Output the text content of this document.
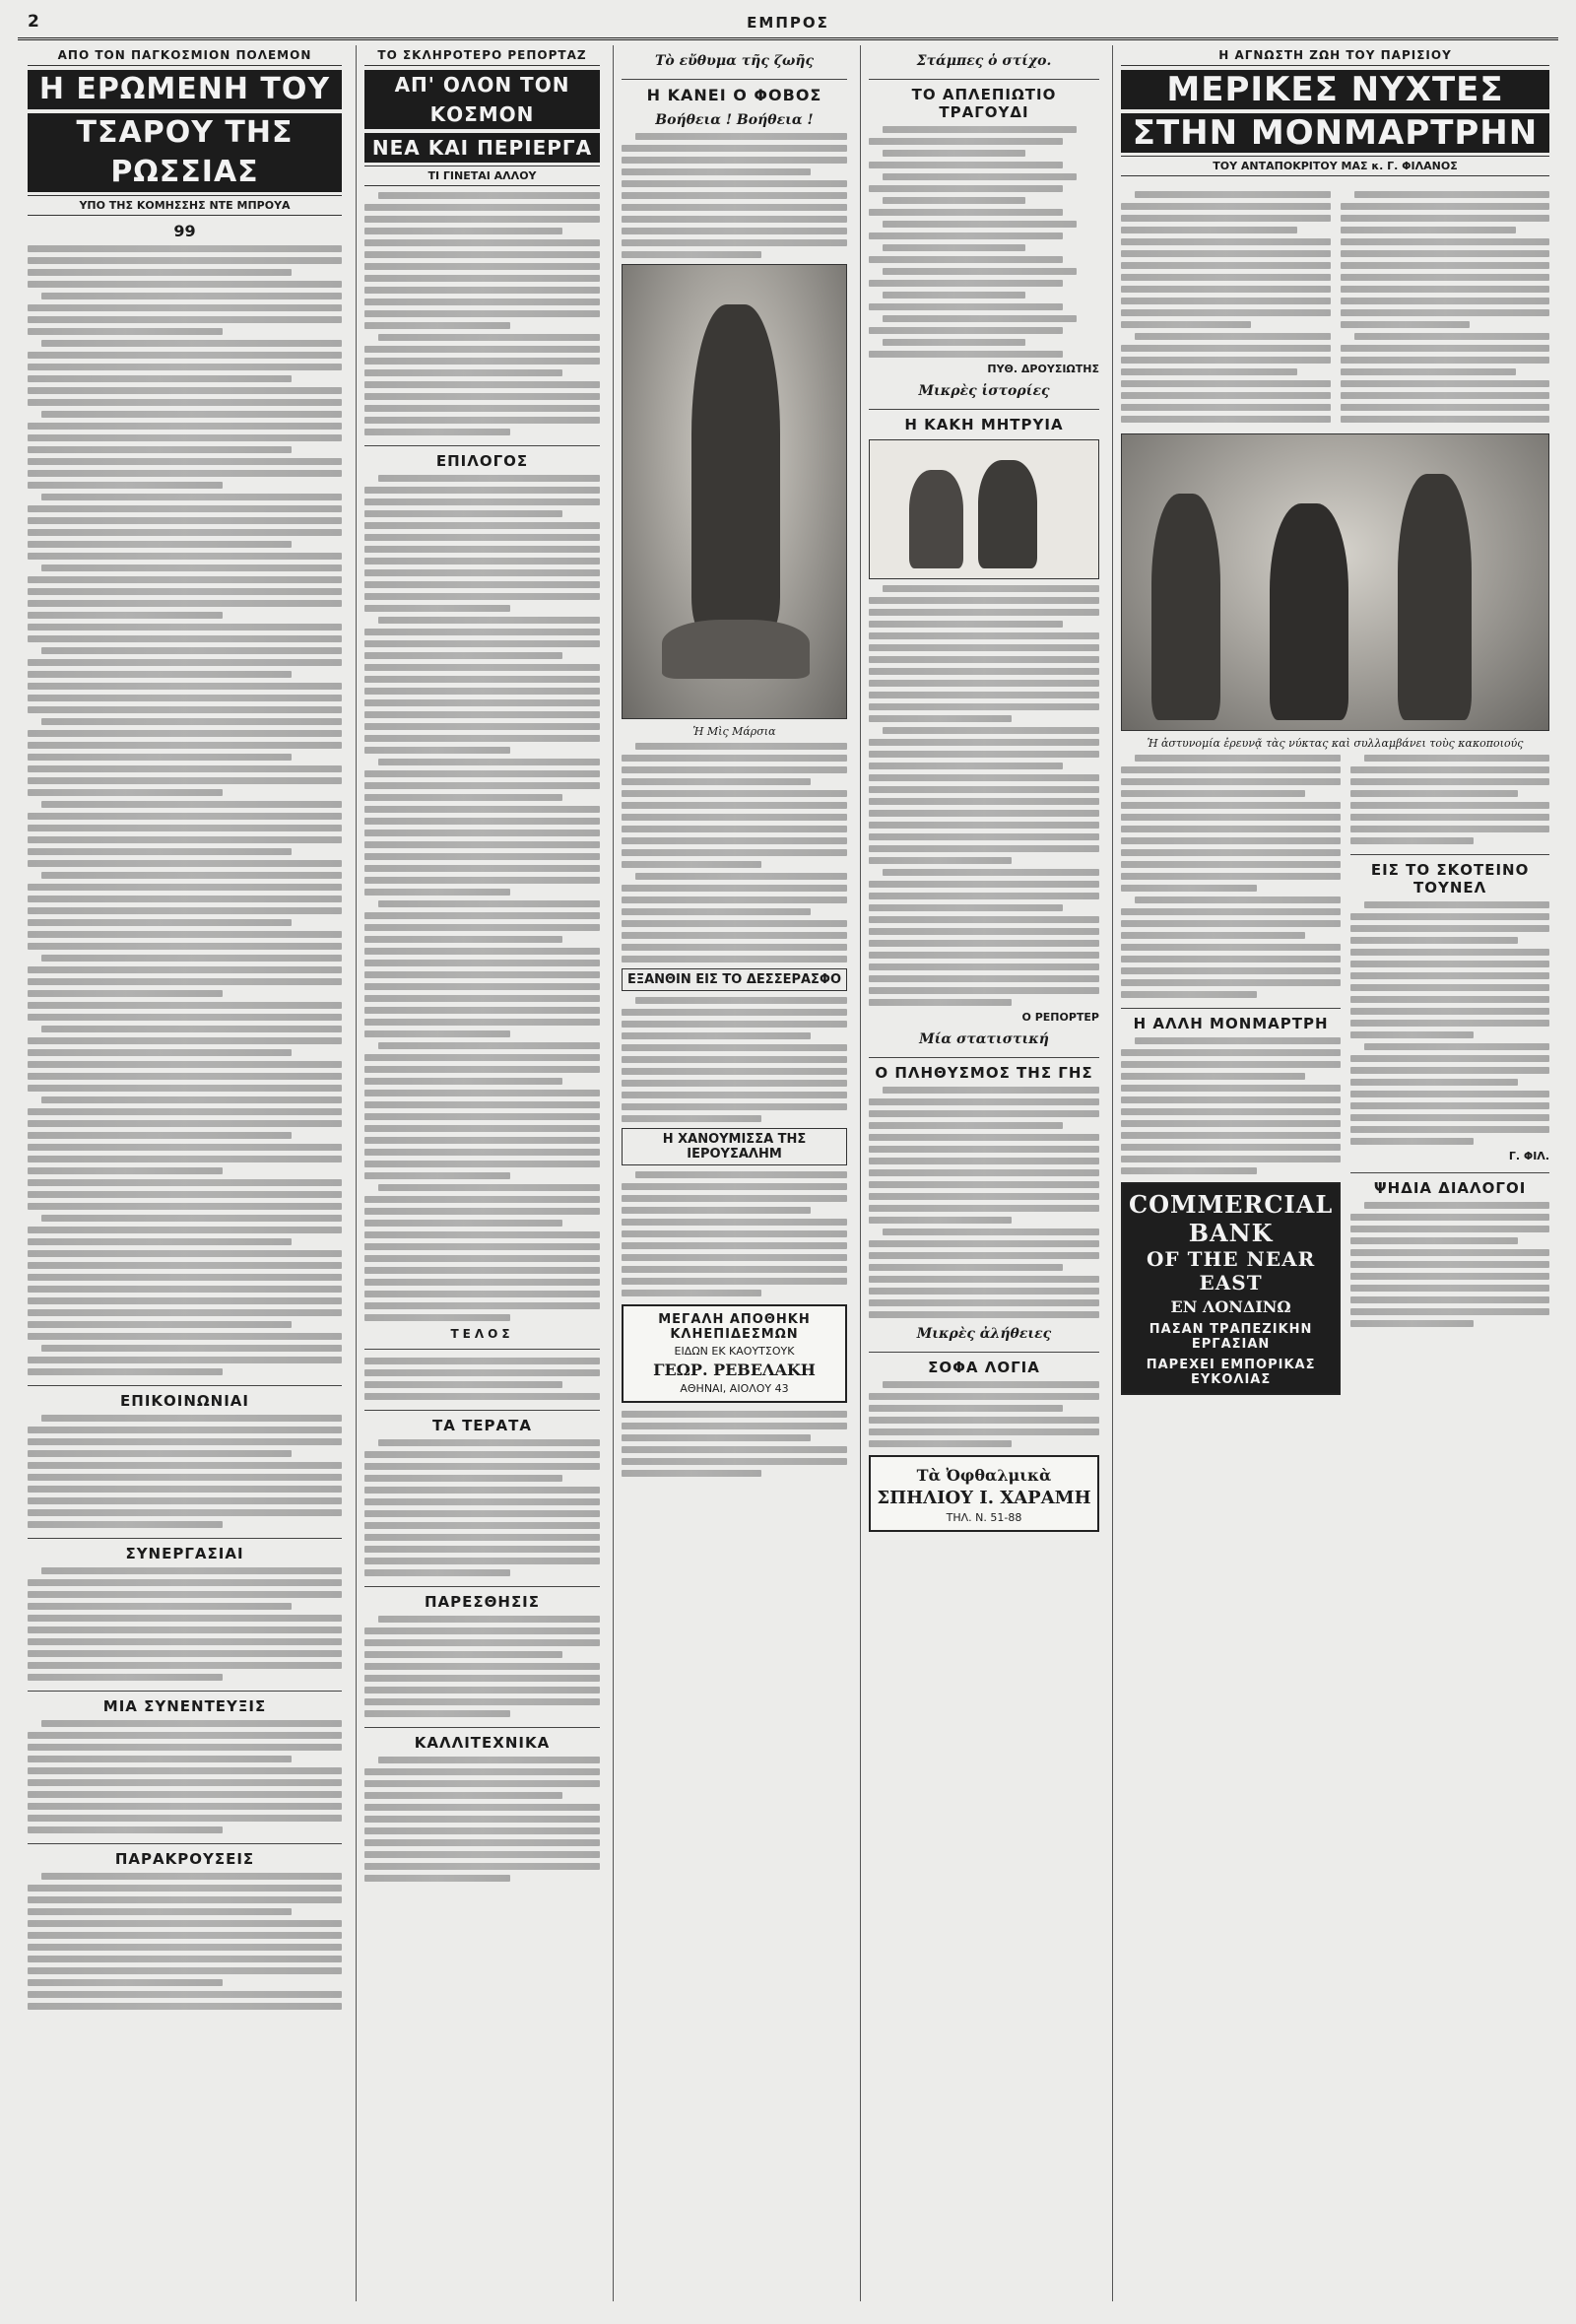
2	ΕΜΠΡΟΣ
ΑΠΟ ΤΟΝ ΠΑΓΚΟΣΜΙΟΝ ΠΟΛΕΜΟΝ
Η ΕΡΩΜΕΝΗ ΤΟΥ
ΤΣΑΡΟΥ ΤΗΣ ΡΩΣΣΙΑΣ
ΥΠΟ ΤΗΣ ΚΟΜΗΣΣΗΣ ΝΤΕ ΜΠΡΟΥΑ
99
ΕΠΙΚΟΙΝΩΝΙΑΙ
ΣΥΝΕΡΓΑΣΙΑΙ
ΜΙΑ ΣΥΝΕΝΤΕΥΞΙΣ
ΠΑΡΑΚΡΟΥΣΕΙΣ
ΤΟ ΣΚΛΗΡΟΤΕΡΟ ΡΕΠΟΡΤΑΖ
ΑΠ' ΟΛΟΝ ΤΟΝ ΚΟΣΜΟΝ
ΝΕΑ ΚΑΙ ΠΕΡΙΕΡΓΑ
ΤΙ ΓΙΝΕΤΑΙ ΑΛΛΟΥ
ΕΠΙΛΟΓΟΣ
ΤΕΛΟΣ
ΤΑ ΤΕΡΑΤΑ
ΠΑΡΕΣΘΗΣΙΣ
ΚΑΛΛΙΤΕΧΝΙΚΑ
Τὸ εὔθυμα τῆς ζωῆς
Η ΚΑΝΕΙ Ο ΦΟΒΟΣ
Βοήθεια ! Βοήθεια !
Ἡ Μὶς Μάρσια
ΕΞΑΝΘΙΝ ΕΙΣ ΤΟ ΔΕΣΣΕΡΑΣΦΟ
Η ΧΑΝΟΥΜΙΣΣΑ ΤΗΣ ΙΕΡΟΥΣΑΛΗΜ
ΜΕΓΑΛΗ ΑΠΟΘΗΚΗ ΚΛΗΕΠΙΔΕΣΜΩΝ
ΕΙΔΩΝ ΕΚ ΚΑΟΥΤΣΟΥΚ
ΓΕΩΡ. ΡΕΒΕΛΑΚΗ
ΑΘΗΝΑΙ, ΑΙΟΛΟΥ 43
Στάμπες ὁ στίχο.
ΤΟ ΑΠΛΕΠΙΩΤΙΟ ΤΡΑΓΟΥΔΙ
ΠΥΘ. ΔΡΟΥΣΙΩΤΗΣ
Μικρὲς ἱστορίες
Η ΚΑΚΗ ΜΗΤΡΥΙΑ
Ο ΡΕΠΟΡΤΕΡ
Μία στατιστική
Ο ΠΛΗΘΥΣΜΟΣ ΤΗΣ ΓΗΣ
Μικρὲς ἀλήθειες
ΣΟΦΑ ΛΟΓΙΑ
Τὰ Ὀφθαλμικὰ
ΣΠΗΛΙΟΥ Ι. ΧΑΡΑΜΗ
ΤΗΛ. Ν. 51-88
Η ΑΓΝΩΣΤΗ ΖΩΗ ΤΟΥ ΠΑΡΙΣΙΟΥ
ΜΕΡΙΚΕΣ ΝΥΧΤΕΣ
ΣΤΗΝ ΜΟΝΜΑΡΤΡΗΝ
ΤΟΥ ΑΝΤΑΠΟΚΡΙΤΟΥ ΜΑΣ κ. Γ. ΦΙΛΑΝΟΣ
Ἡ ἀστυνομία ἐρευνᾷ τὰς νύκτας καὶ συλλαμβάνει τοὺς κακοποιούς
Η ΑΛΛΗ ΜΟΝΜΑΡΤΡΗ
COMMERCIAL BANK
OF THE NEAR EAST
ΕΝ ΛΟΝΔΙΝΩ
ΠΑΣΑΝ ΤΡΑΠΕΖΙΚΗΝ ΕΡΓΑΣΙΑΝ
ΠΑΡΕΧΕΙ ΕΜΠΟΡΙΚΑΣ ΕΥΚΟΛΙΑΣ
ΕΙΣ ΤΟ ΣΚΟΤΕΙΝΟ ΤΟΥΝΕΛ
Γ. ΦΙΛ.
ΨΗΔΙΑ ΔΙΑΛΟΓΟΙ
